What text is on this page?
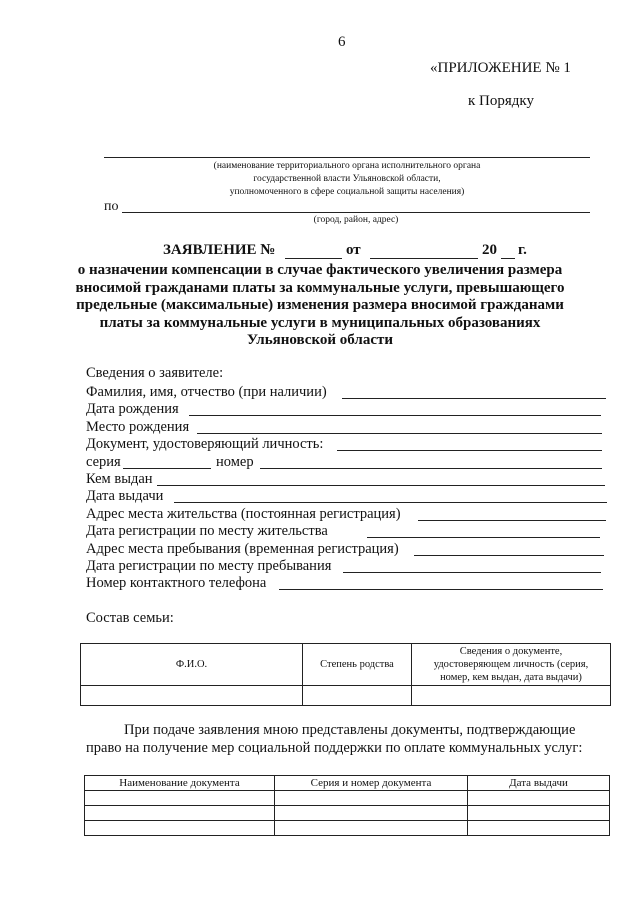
6
«ПРИЛОЖЕНИЕ № 1
к Порядку
(наименование территориального органа исполнительного органа
государственной власти Ульяновской области,
уполномоченного в сфере социальной защиты населения)
по
(город, район, адрес)
ЗАЯВЛЕНИЕ №	от	20 г.
о назначении компенсации в случае фактического увеличения размера
вносимой гражданами платы за коммунальные услуги, превышающего
предельные (максимальные) изменения размера вносимой гражданами
платы за коммунальные услуги в муниципальных образованиях
Ульяновской области
Сведения о заявителе:
Фамилия, имя, отчество (при наличии)
Дата рождения
Место рождения
Документ, удостоверяющий личность:
серия	номер
Кем выдан
Дата выдачи
Адрес места жительства (постоянная регистрация)
Дата регистрации по месту жительства
Адрес места пребывания (временная регистрация)
Дата регистрации по месту пребывания
Номер контактного телефона
Состав семьи:
Ф.И.О.	Степень родства	Сведения о документе,
удостоверяющем личность (серия,
номер, кем выдан, дата выдачи)

При подаче заявления мною представлены документы, подтверждающие
право на получение мер социальной поддержки по оплате коммунальных услуг:
Наименование документа	Серия и номер документа	Дата выдачи
